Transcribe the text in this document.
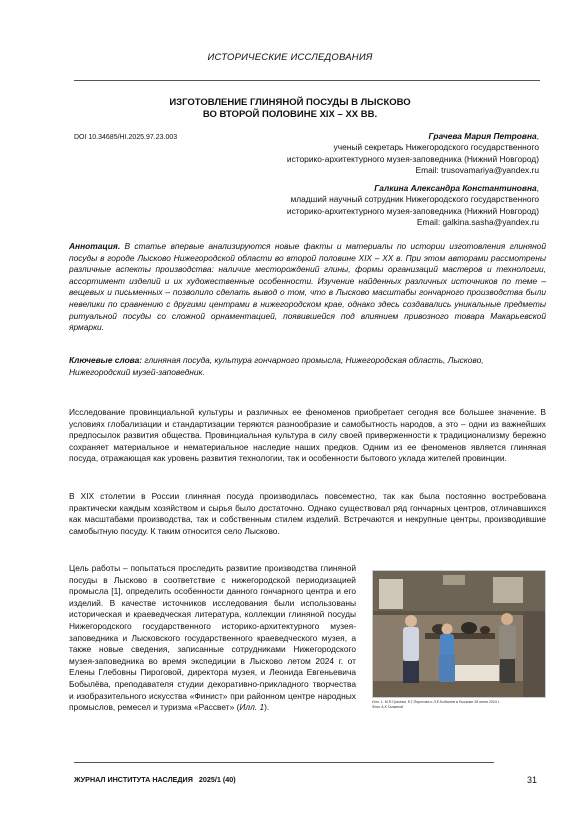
ИСТОРИЧЕСКИЕ ИССЛЕДОВАНИЯ
ИЗГОТОВЛЕНИЕ ГЛИНЯНОЙ ПОСУДЫ В ЛЫСКОВО
ВО ВТОРОЙ ПОЛОВИНЕ XIX – XX ВВ.
DOI 10.34685/HI.2025.97.23.003	Грачева Мария Петровна,
ученый секретарь Нижегородского государственного
историко-архитектурного музея-заповедника (Нижний Новгород)
Email: trusovamariya@yandex.ru
Галкина Александра Константиновна,
младший научный сотрудник Нижегородского государственного
историко-архитектурного музея-заповедника (Нижний Новгород)
Email: galkina.sasha@yandex.ru
Аннотация. В статье впервые анализируются новые факты и материалы по истории изготовления глиняной посуды в городе Лысково Нижегородской области во второй половине XIX – XX в. При этом авторами рассмотрены различные аспекты производства: наличие месторождений глины, формы организаций мастеров и технологии, ассортимент изделий и их художественные особенности. Изучение найденных различных источников по теме – вещевых и письменных – позволило сделать вывод о том, что в Лысково масштабы гончарного производства были невелики по сравнению с другими центрами в нижегородском крае, однако здесь создавались уникальные предметы ритуальной посуды со сложной орнаментацией, появившейся под влиянием привозного товара Макарьевской ярмарки.
Ключевые слова: глиняная посуда, культура гончарного промысла, Нижегородская область, Лысково, Нижегородский музей-заповедник.
Исследование провинциальной культуры и различных ее феноменов приобретает сегодня все большее значение. В условиях глобализации и стандартизации теряются разнообразие и самобытность народов, а это – одни из важнейших предпосылок развития общества. Провинциальная культура в силу своей приверженности к традиционализму бережно сохраняет материальное и нематериальное наследие наших предков. Одним из ее феноменов является глиняная посуда, отражающая как уровень развития технологии, так и особенности бытового уклада жителей провинции.
В XIX столетии в России глиняная посуда производилась повсеместно, так как была постоянно востребована практически каждым хозяйством и сырья было достаточно. Однако существовал ряд гончарных центров, отличавшихся как масштабами производства, так и собственным стилем изделий. Встречаются и некрупные центры, производившие самобытную посуду. К таким относится село Лысково.
Цель работы – попытаться проследить развитие производства глиняной посуды в Лысково в соответствие с нижегородской периодизацией промысла [1], определить особенности данного гончарного центра и его изделий. В качестве источников исследования были использованы историческая и краеведческая литература, коллекции глиняной посуды Нижегородского государственного историко-архитектурного музея-заповедника и Лысковского государственного краеведческого музея, а также новые сведения, записанные сотрудниками Нижегородского музея-заповедника во время экспедиции в Лысково летом 2024 г. от Елены Глебовны Пироговой, директора музея, и Леонида Евгеньевича Бобылёва, преподавателя студии декоративно-прикладного творчества и изобразительного искусства «Финист» при районном центре народных промыслов, ремесел и туризма «Рассвет» (Илл. 1).
Илл. 1. М.П.Грачева, Е.Г.Пирогова и Л.Е.Бобылев в Лыскове 28 июня 2024 г.
Фото А.К.Галкиной
ЖУРНАЛ ИНСТИТУТА НАСЛЕДИЯ   2025/1 (40)	31
